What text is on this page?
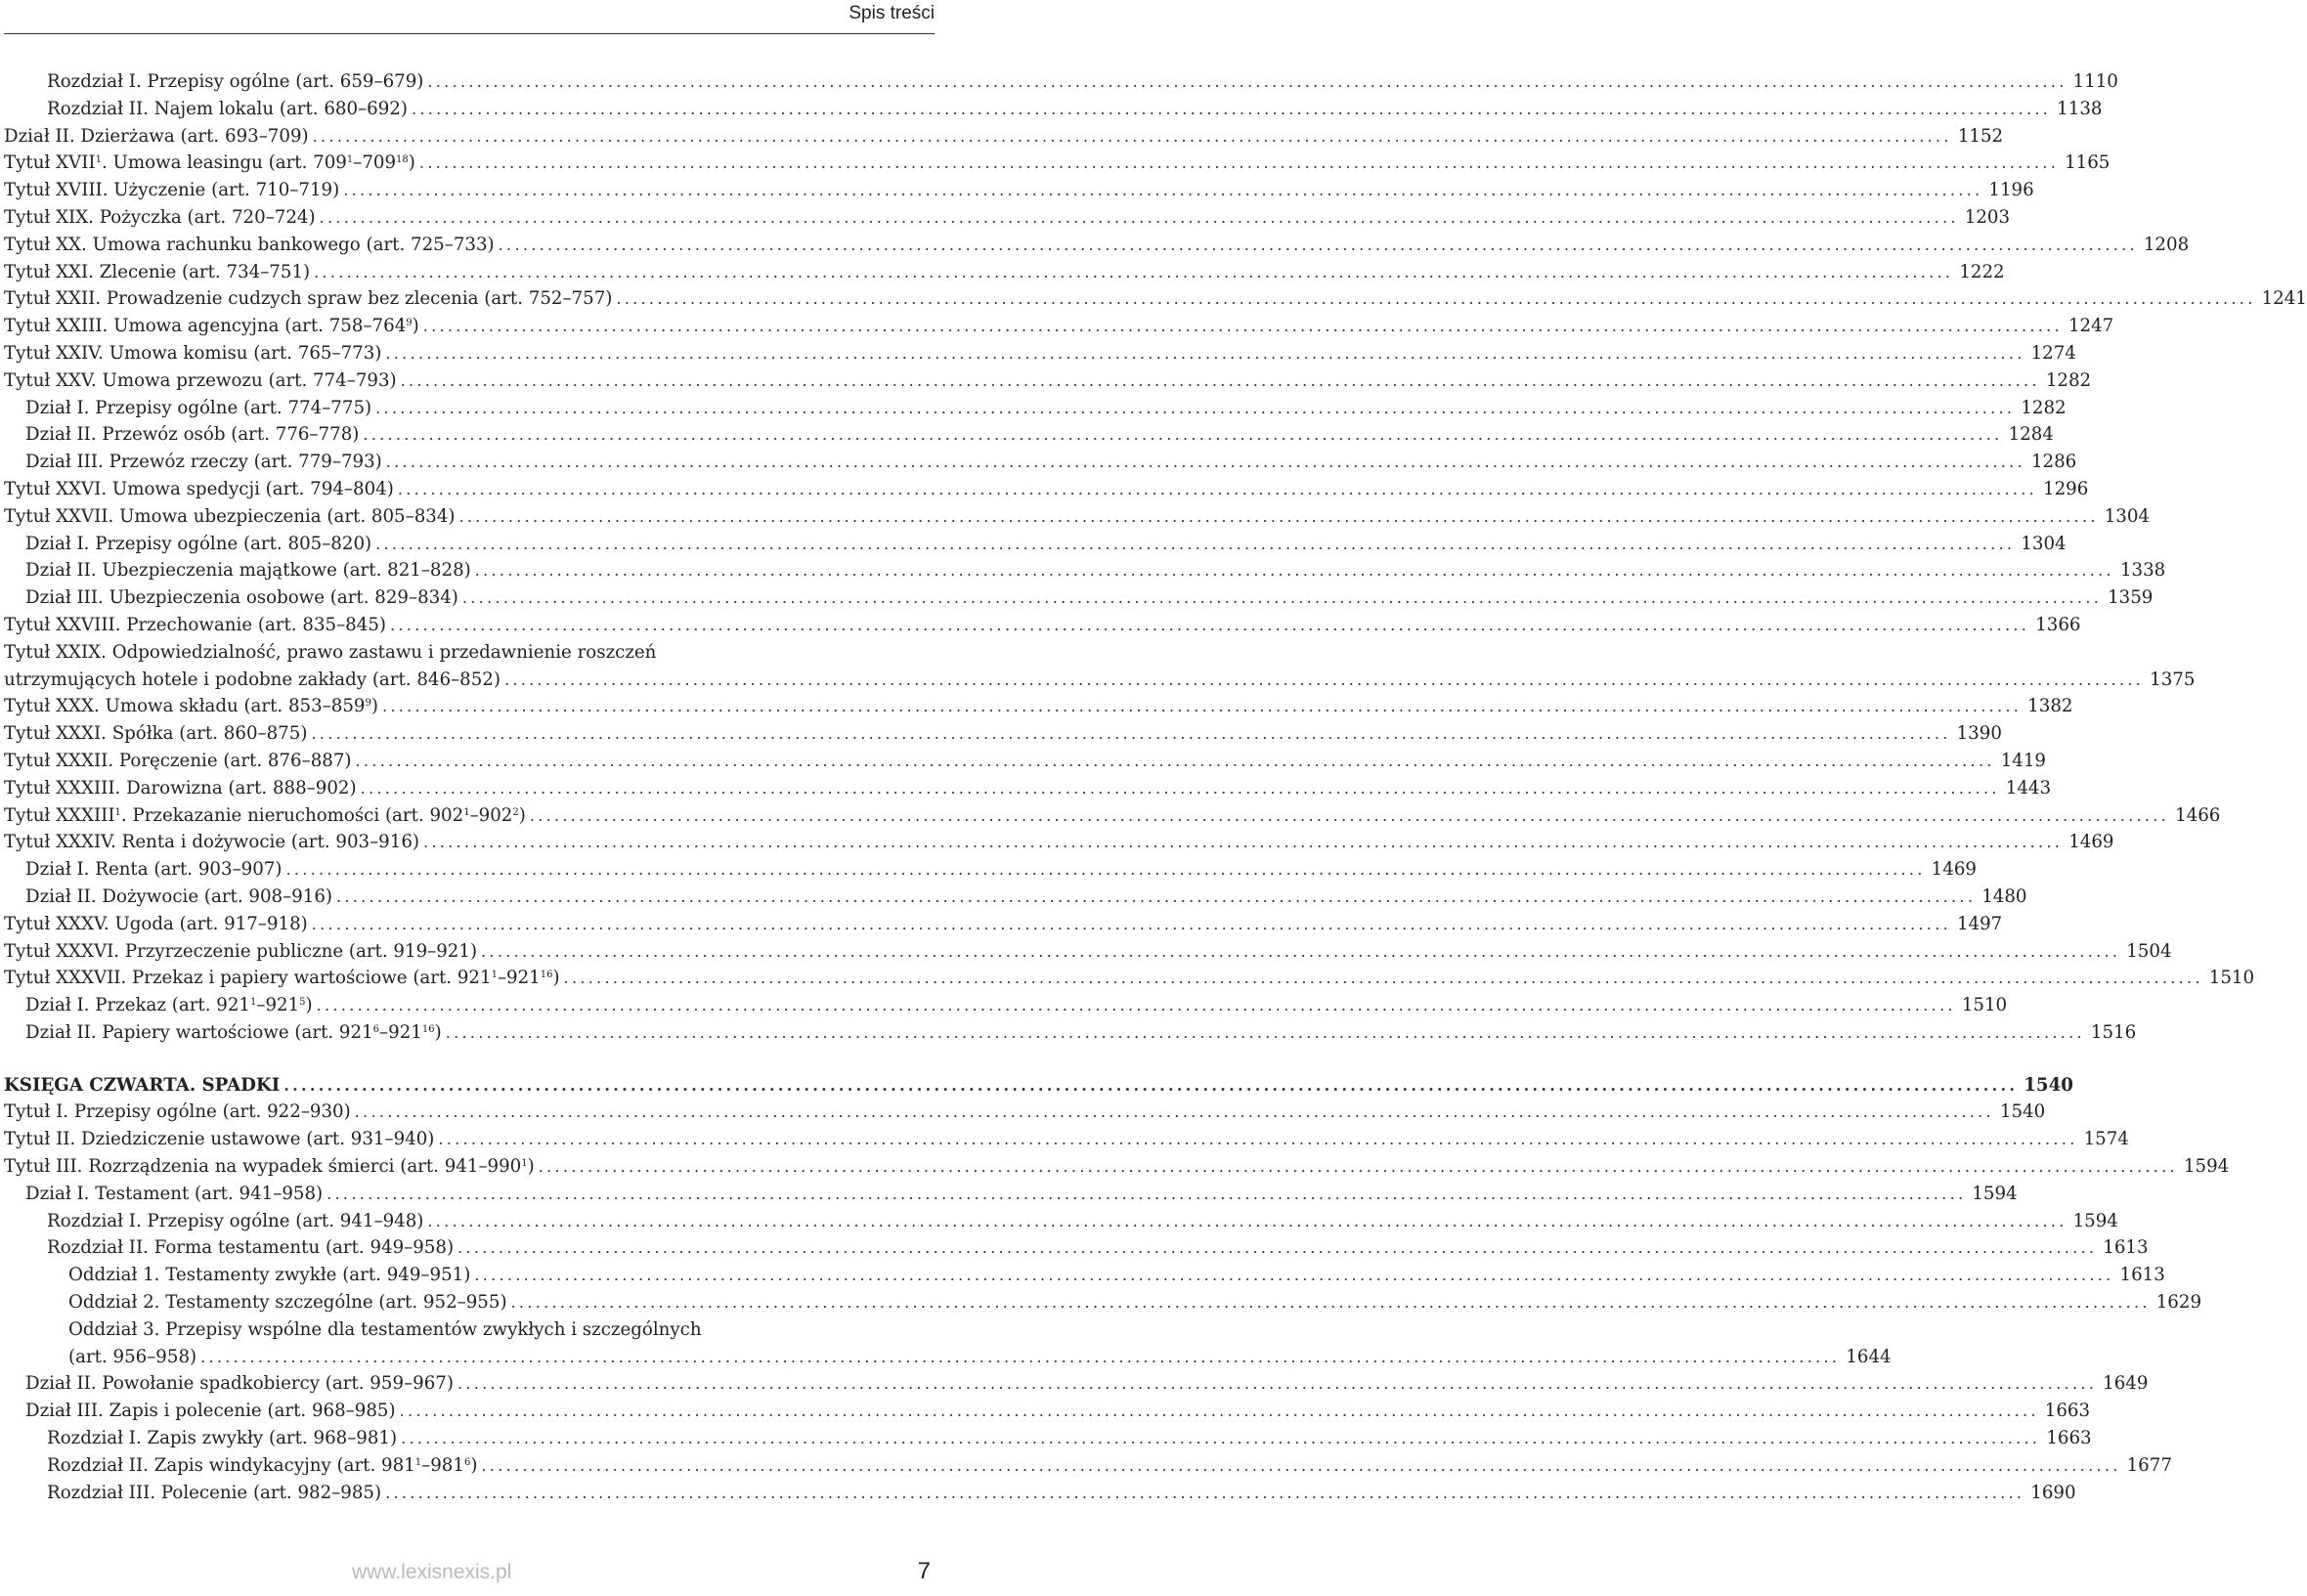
Spis treści
Rozdział I. Przepisy ogólne (art. 659–679) ........................................................................................................................................................................................................ 1110
Rozdział II. Najem lokalu (art. 680–692) ........................................................................................................................................................................................................ 1138
Dział II. Dzierżawa (art. 693–709) ........................................................................................................................................................................................................ 1152
Tytuł XVII$^1$. Umowa leasingu (art. $709^1-709^{18}$) ........................................................................................................................................................................................................ 1165
Tytuł XVIII. Użyczenie (art. 710–719) ........................................................................................................................................................................................................ 1196
Tytuł XIX. Pożyczka (art. 720–724) ........................................................................................................................................................................................................ 1203
Tytuł XX. Umowa rachunku bankowego (art. 725–733) ........................................................................................................................................................................................................ 1208
Tytuł XXI. Zlecenie (art. 734–751) ........................................................................................................................................................................................................ 1222
Tytuł XXII. Prowadzenie cudzych spraw bez zlecenia (art. 752–757) ........................................................................................................................................................................................................ 1241
Tytuł XXIII. Umowa agencyjna (art. $758-764^9$) ........................................................................................................................................................................................................ 1247
Tytuł XXIV. Umowa komisu (art. 765–773) ........................................................................................................................................................................................................ 1274
Tytuł XXV. Umowa przewozu (art. 774–793) ........................................................................................................................................................................................................ 1282
Dział I. Przepisy ogólne (art. 774–775) ........................................................................................................................................................................................................ 1282
Dział II. Przewóz osób (art. 776–778) ........................................................................................................................................................................................................ 1284
Dział III. Przewóz rzeczy (art. 779–793) ........................................................................................................................................................................................................ 1286
Tytuł XXVI. Umowa spedycji (art. 794–804) ........................................................................................................................................................................................................ 1296
Tytuł XXVII. Umowa ubezpieczenia (art. 805–834) ........................................................................................................................................................................................................ 1304
Dział I. Przepisy ogólne (art. 805–820) ........................................................................................................................................................................................................ 1304
Dział II. Ubezpieczenia majątkowe (art. 821–828) ........................................................................................................................................................................................................ 1338
Dział III. Ubezpieczenia osobowe (art. 829–834) ........................................................................................................................................................................................................ 1359
Tytuł XXVIII. Przechowanie (art. 835–845) ........................................................................................................................................................................................................ 1366
Tytuł XXIX. Odpowiedzialność, prawo zastawu i przedawnienie roszczeń
utrzymujących hotele i podobne zakłady (art. 846–852) ........................................................................................................................................................................................................ 1375
Tytuł XXX. Umowa składu (art. $853-859^9$) ........................................................................................................................................................................................................ 1382
Tytuł XXXI. Spółka (art. 860–875) ........................................................................................................................................................................................................ 1390
Tytuł XXXII. Poręczenie (art. 876–887) ........................................................................................................................................................................................................ 1419
Tytuł XXXIII. Darowizna (art. 888–902) ........................................................................................................................................................................................................ 1443
Tytuł XXXIII$^1$. Przekazanie nieruchomości (art. $902^1-902^2$) ........................................................................................................................................................................................................ 1466
Tytuł XXXIV. Renta i dożywocie (art. 903–916) ........................................................................................................................................................................................................ 1469
Dział I. Renta (art. 903–907) ........................................................................................................................................................................................................ 1469
Dział II. Dożywocie (art. 908–916) ........................................................................................................................................................................................................ 1480
Tytuł XXXV. Ugoda (art. 917–918) ........................................................................................................................................................................................................ 1497
Tytuł XXXVI. Przyrzeczenie publiczne (art. 919–921) ........................................................................................................................................................................................................ 1504
Tytuł XXXVII. Przekaz i papiery wartościowe (art. $921^1-921^{16}$) ........................................................................................................................................................................................................ 1510
Dział I. Przekaz (art. $921^1-921^5$) ........................................................................................................................................................................................................ 1510
Dział II. Papiery wartościowe (art. $921^6-921^{16}$) ........................................................................................................................................................................................................ 1516
KSIĘGA CZWARTA. SPADKI ........................................................................................................................................................................................................ 1540
Tytuł I. Przepisy ogólne (art. 922–930) ........................................................................................................................................................................................................ 1540
Tytuł II. Dziedziczenie ustawowe (art. 931–940) ........................................................................................................................................................................................................ 1574
Tytuł III. Rozrządzenia na wypadek śmierci (art. $941-990^1$) ........................................................................................................................................................................................................ 1594
Dział I. Testament (art. 941–958) ........................................................................................................................................................................................................ 1594
Rozdział I. Przepisy ogólne (art. 941–948) ........................................................................................................................................................................................................ 1594
Rozdział II. Forma testamentu (art. 949–958) ........................................................................................................................................................................................................ 1613
Oddział 1. Testamenty zwykłe (art. 949–951) ........................................................................................................................................................................................................ 1613
Oddział 2. Testamenty szczególne (art. 952–955) ........................................................................................................................................................................................................ 1629
Oddział 3. Przepisy wspólne dla testamentów zwykłych i szczególnych
(art. 956–958) ........................................................................................................................................................................................................ 1644
Dział II. Powołanie spadkobiercy (art. 959–967) ........................................................................................................................................................................................................ 1649
Dział III. Zapis i polecenie (art. 968–985) ........................................................................................................................................................................................................ 1663
Rozdział I. Zapis zwykły (art. 968–981) ........................................................................................................................................................................................................ 1663
Rozdział II. Zapis windykacyjny (art. $981^1-981^6$) ........................................................................................................................................................................................................ 1677
Rozdział III. Polecenie (art. 982–985) ........................................................................................................................................................................................................ 1690
www.lexisnexis.pl	7
